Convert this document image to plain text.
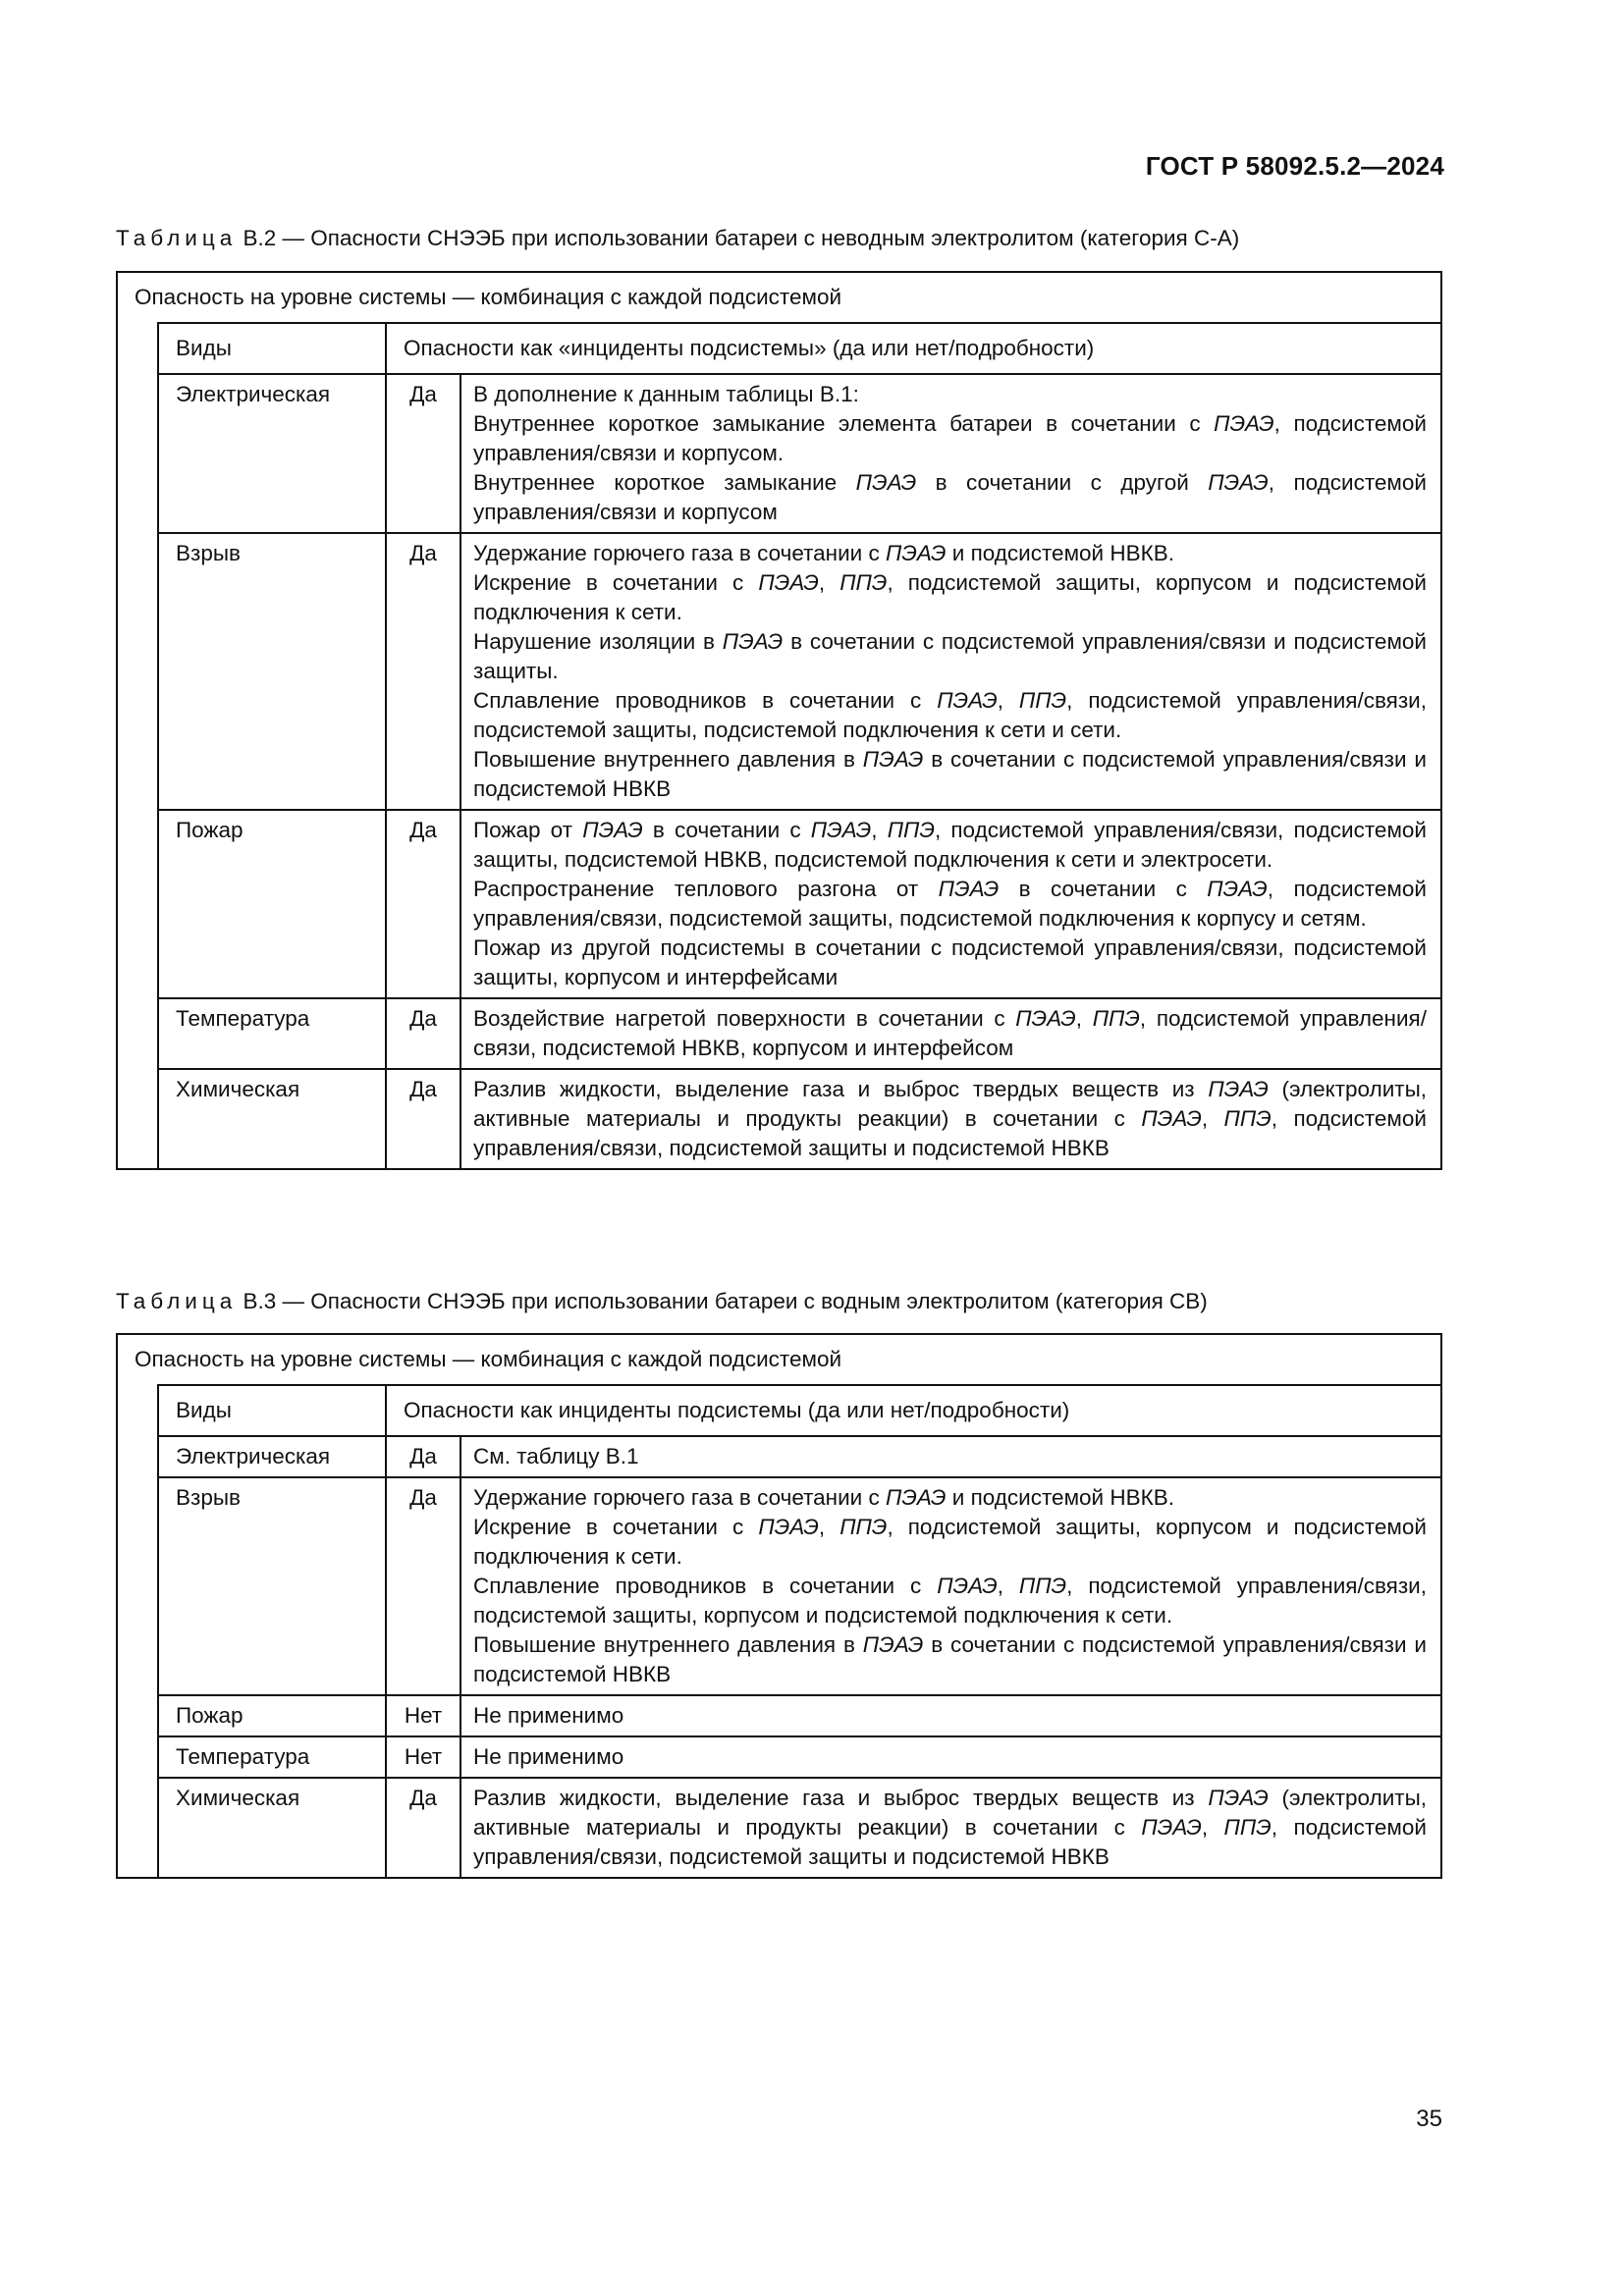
ГОСТ Р 58092.5.2—2024
Таблица В.2 — Опасности СНЭЭБ при использовании батареи с неводным электролитом (категория С-А)
Опасность на уровне системы — комбинация с каждой подсистемой
Виды	Опасности как «инциденты подсистемы» (да или нет/подробности)
Электрическая	Да	В дополнение к данным таблицы В.1:

Внутреннее короткое замыкание элемента батареи в сочетании с ПЭАЭ, подсистемой управления/связи и корпусом.

Внутреннее короткое замыкание ПЭАЭ в сочетании с другой ПЭАЭ, подсистемой управления/связи и корпусом

Взрыв	Да	Удержание горючего газа в сочетании с ПЭАЭ и подсистемой НВКВ.

Искрение в сочетании с ПЭАЭ, ППЭ, подсистемой защиты, корпусом и подсистемой подключения к сети.

Нарушение изоляции в ПЭАЭ в сочетании с подсистемой управления/связи и подсистемой защиты.

Сплавление проводников в сочетании с ПЭАЭ, ППЭ, подсистемой управления/связи, подсистемой защиты, подсистемой подключения к сети и сети.

Повышение внутреннего давления в ПЭАЭ в сочетании с подсистемой управления/связи и подсистемой НВКВ

Пожар	Да	Пожар от ПЭАЭ в сочетании с ПЭАЭ, ППЭ, подсистемой управления/связи, подсистемой защиты, подсистемой НВКВ, подсистемой подключения к сети и электросети.

Распространение теплового разгона от ПЭАЭ в сочетании с ПЭАЭ, подсистемой управления/связи, подсистемой защиты, подсистемой подключения к корпусу и сетям.

Пожар из другой подсистемы в сочетании с подсистемой управления/связи, подсистемой защиты, корпусом и интерфейсами

Температура	Да	Воздействие нагретой поверхности в сочетании с ПЭАЭ, ППЭ, подсистемой управления/связи, подсистемой НВКВ, корпусом и интерфейсом

Химическая	Да	Разлив жидкости, выделение газа и выброс твердых веществ из ПЭАЭ (электролиты, активные материалы и продукты реакции) в сочетании с ПЭАЭ, ППЭ, подсистемой управления/связи, подсистемой защиты и подсистемой НВКВ

Таблица В.3 — Опасности СНЭЭБ при использовании батареи с водным электролитом (категория СВ)
Опасность на уровне системы — комбинация с каждой подсистемой
Виды	Опасности как инциденты подсистемы (да или нет/подробности)
Электрическая	Да	См. таблицу В.1

Взрыв	Да	Удержание горючего газа в сочетании с ПЭАЭ и подсистемой НВКВ.

Искрение в сочетании с ПЭАЭ, ППЭ, подсистемой защиты, корпусом и подсистемой подключения к сети.

Сплавление проводников в сочетании с ПЭАЭ, ППЭ, подсистемой управления/связи, подсистемой защиты, корпусом и подсистемой подключения к сети.

Повышение внутреннего давления в ПЭАЭ в сочетании с подсистемой управления/связи и подсистемой НВКВ

Пожар	Нет	Не применимо

Температура	Нет	Не применимо

Химическая	Да	Разлив жидкости, выделение газа и выброс твердых веществ из ПЭАЭ (электролиты, активные материалы и продукты реакции) в сочетании с ПЭАЭ, ППЭ, подсистемой управления/связи, подсистемой защиты и подсистемой НВКВ

35
